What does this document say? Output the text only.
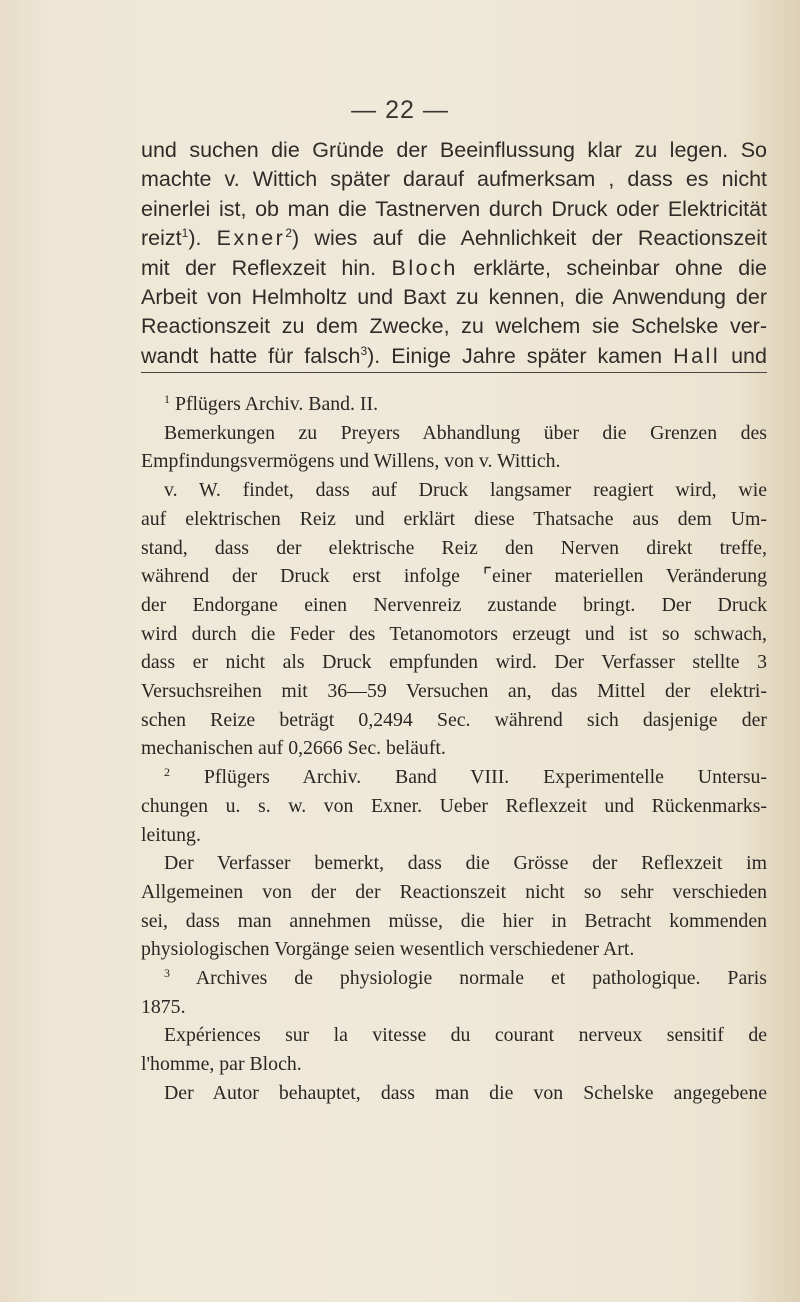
— 22 —
und suchen die Gründe der Beeinflussung klar zu legen. So
machte v. Wittich später darauf aufmerksam , dass es nicht
einerlei ist, ob man die Tastnerven durch Druck oder Elektricität
reizt$^1$). Exner$^2$) wies auf die Aehnlichkeit der Reactionszeit
mit der Reflexzeit hin. Bloch erklärte, scheinbar ohne die
Arbeit von Helmholtz und Baxt zu kennen, die Anwendung der
Reactionszeit zu dem Zwecke, zu welchem sie Schelske ver-
wandt hatte für falsch$^3$). Einige Jahre später kamen Hall und
$^1$ Pflügers Archiv. Band. II.
Bemerkungen zu Preyers Abhandlung über die Grenzen des
Empfindungsvermögens und Willens, von v. Wittich.
v. W. findet, dass auf Druck langsamer reagiert wird, wie
auf elektrischen Reiz und erklärt diese Thatsache aus dem Um-
stand, dass der elektrische Reiz den Nerven direkt treffe,
während der Druck erst infolge ⌜einer materiellen Veränderung
der Endorgane einen Nervenreiz zustande bringt. Der Druck
wird durch die Feder des Tetanomotors erzeugt und ist so schwach,
dass er nicht als Druck empfunden wird. Der Verfasser stellte 3
Versuchsreihen mit 36—59 Versuchen an, das Mittel der elektri-
schen Reize beträgt 0,2494 Sec. während sich dasjenige der
mechanischen auf 0,2666 Sec. beläuft.
$^2$ Pflügers Archiv. Band VIII. Experimentelle Untersu-
chungen u. s. w. von Exner. Ueber Reflexzeit und Rückenmarks-
leitung.
Der Verfasser bemerkt, dass die Grösse der Reflexzeit im
Allgemeinen von der der Reactionszeit nicht so sehr verschieden
sei, dass man annehmen müsse, die hier in Betracht kommenden
physiologischen Vorgänge seien wesentlich verschiedener Art.
$^3$ Archives de physiologie normale et pathologique. Paris
1875.
Expériences sur la vitesse du courant nerveux sensitif de
l'homme, par Bloch.
Der Autor behauptet, dass man die von Schelske angegebene
